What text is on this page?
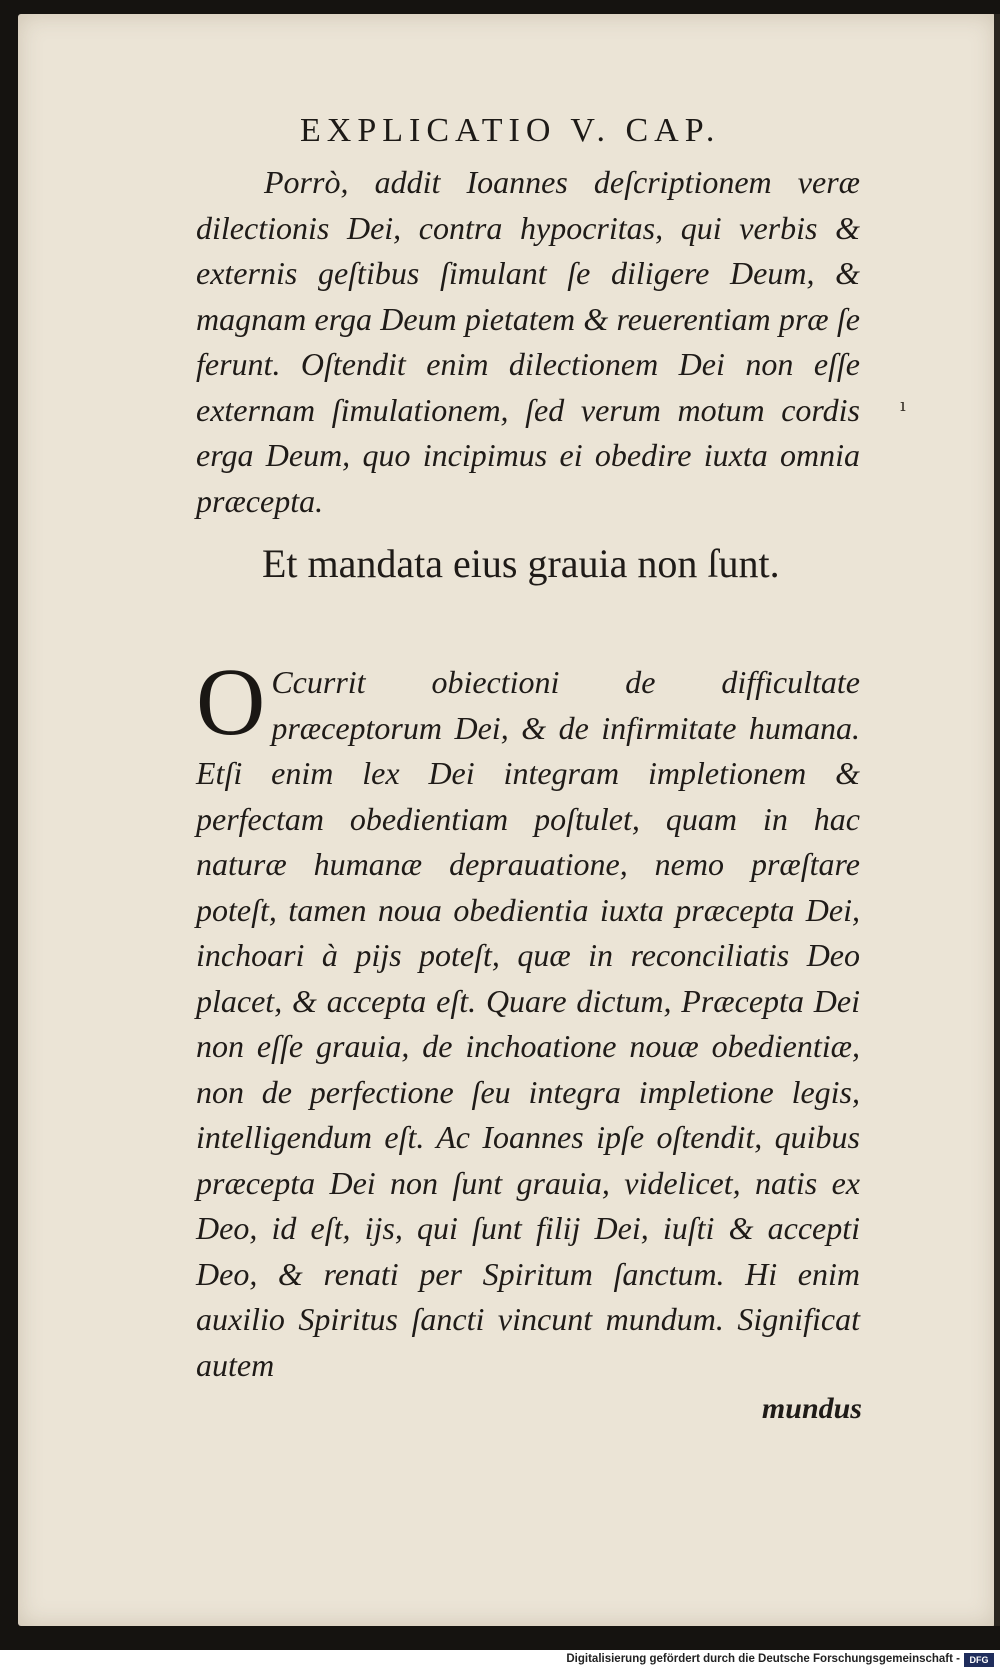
EXPLICATIO V. CAP.
Porrò, addit Ioannes deſcriptionem veræ dilectionis Dei, contra hypocritas, qui verbis & externis geſtibus ſimulant ſe diligere Deum, & magnam erga Deum pietatem & reuerentiam præ ſe ferunt. Oſtendit enim dilectionem Dei non eſſe externam ſimulationem, ſed verum motum cordis erga Deum, quo incipimus ei obedire iuxta omnia præcepta.
ı
Et mandata eius grauia non ſunt.
O Ccurrit obiectioni de difficultate præceptorum Dei, & de infirmitate humana. Etſi enim lex Dei integram impletionem & perfectam obedientiam poſtulet, quam in hac naturæ humanæ deprauatione, nemo præſtare poteſt, tamen noua obedientia iuxta præcepta Dei, inchoari à pijs poteſt, quæ in reconciliatis Deo placet, & accepta eſt. Quare dictum, Præcepta Dei non eſſe grauia, de inchoatione nouæ obedientiæ, non de perfectione ſeu integra impletione legis, intelligendum eſt. Ac Ioannes ipſe oſtendit, quibus præcepta Dei non ſunt grauia, videlicet, natis ex Deo, id eſt, ijs, qui ſunt filij Dei, iuſti & accepti Deo, & renati per Spiritum ſanctum. Hi enim auxilio Spiritus ſancti vincunt mundum. Significat autem
mundus
Digitalisierung gefördert durch die Deutsche Forschungsgemeinschaft -	DFG
